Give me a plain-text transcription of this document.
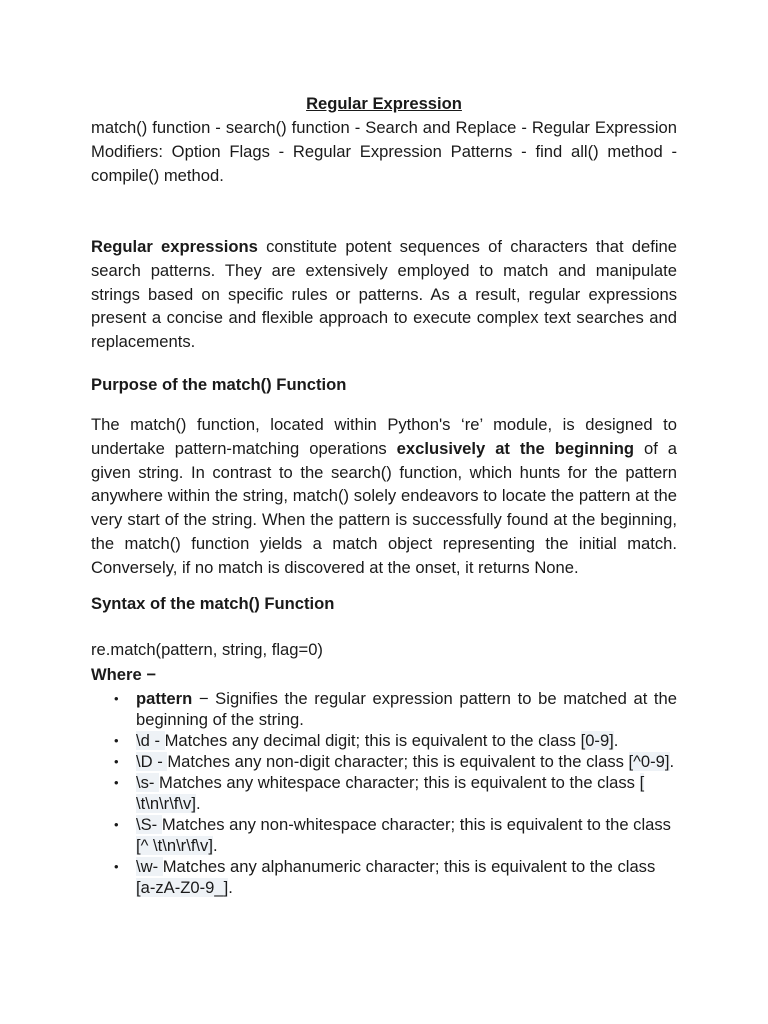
Regular Expression

match() function - search() function - Search and Replace - Regular Expression Modifiers: Option Flags - Regular Expression Patterns - find all() method - compile() method.

Regular expressions constitute potent sequences of characters that define search patterns. They are extensively employed to match and manipulate strings based on specific rules or patterns. As a result, regular expressions present a concise and flexible approach to execute complex text searches and replacements.

Purpose of the match() Function

The match() function, located within Python's ‘re’ module, is designed to undertake pattern-matching operations exclusively at the beginning of a given string. In contrast to the search() function, which hunts for the pattern anywhere within the string, match() solely endeavors to locate the pattern at the very start of the string. When the pattern is successfully found at the beginning, the match() function yields a match object representing the initial match. Conversely, if no match is discovered at the onset, it returns None.

Syntax of the match() Function

re.match(pattern, string, flag=0)

Where −

• pattern − Signifies the regular expression pattern to be matched at the beginning of the string.
• \d - Matches any decimal digit; this is equivalent to the class [0-9].
• \D - Matches any non-digit character; this is equivalent to the class [^0-9].
• \s- Matches any whitespace character; this is equivalent to the class [ \t\n\r\f\v].
• \S- Matches any non-whitespace character; this is equivalent to the class [^ \t\n\r\f\v].
• \w- Matches any alphanumeric character; this is equivalent to the class [a-zA-Z0-9_].
